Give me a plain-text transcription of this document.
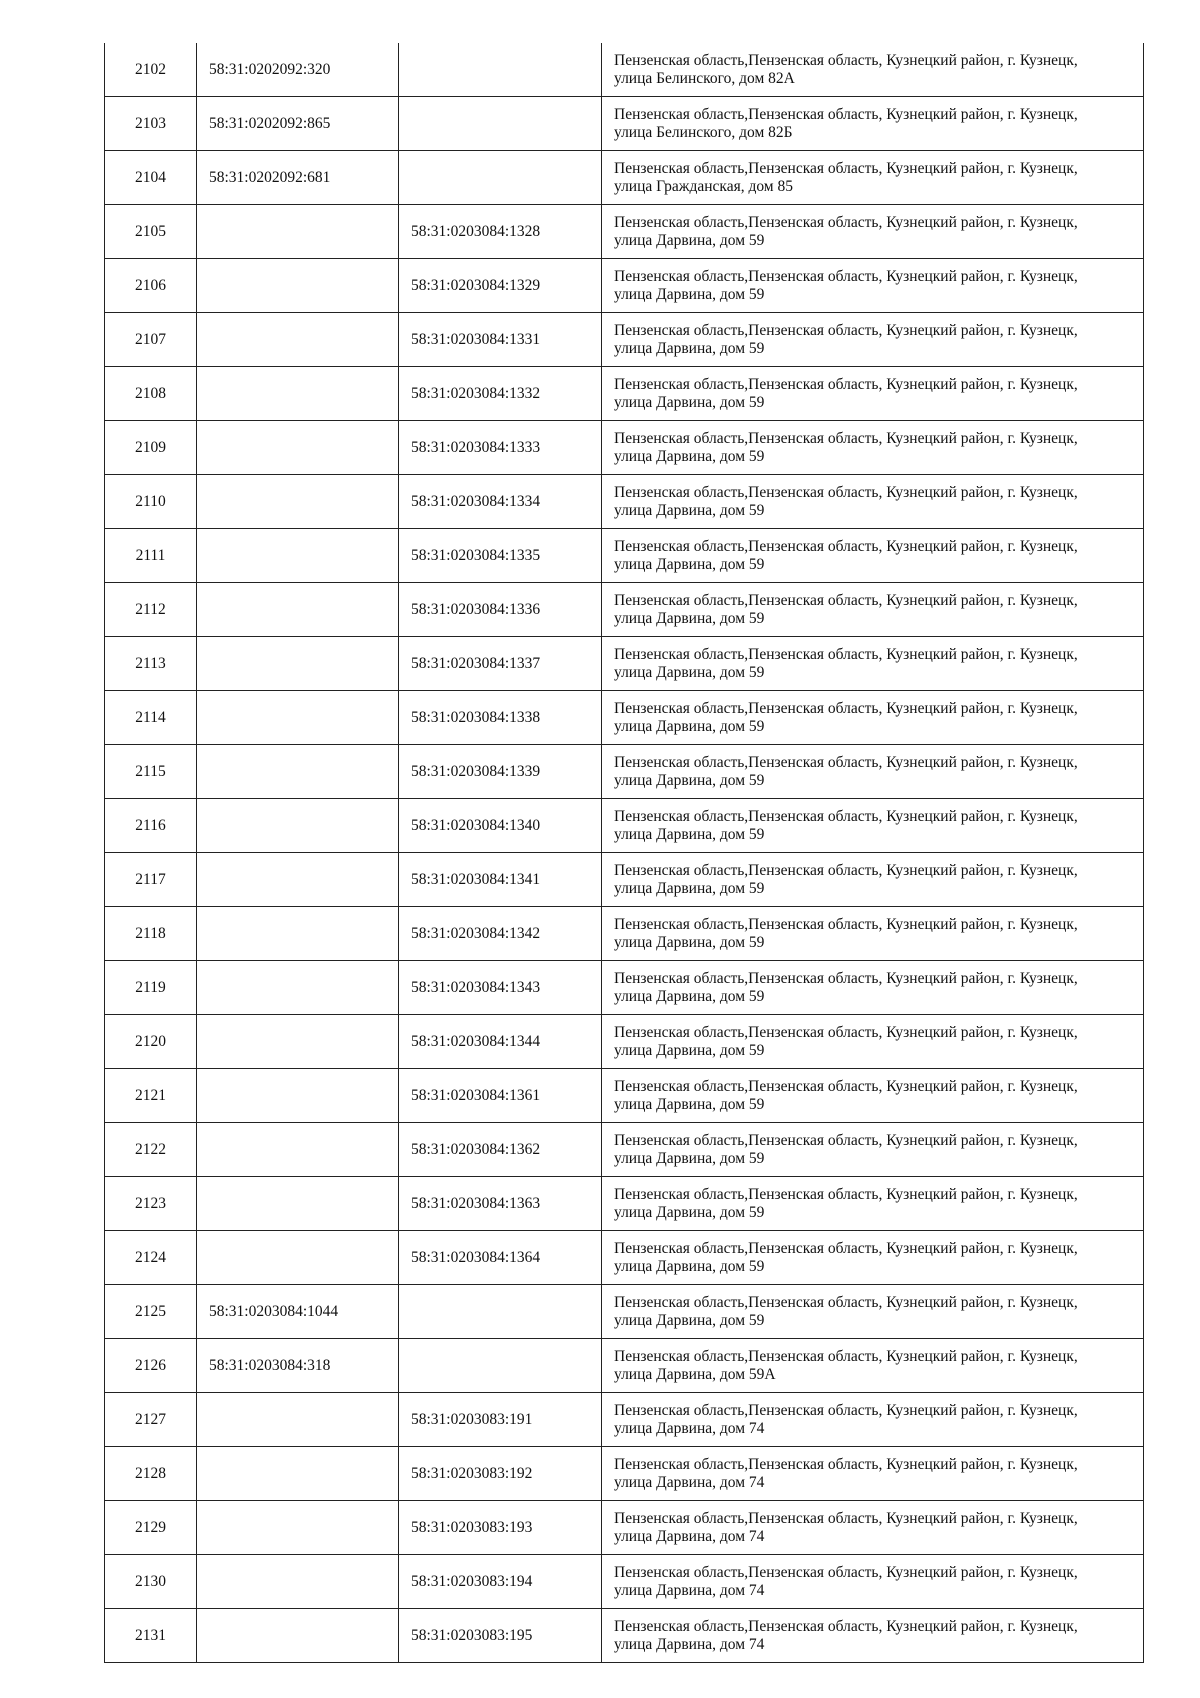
2102	58:31:0202092:320		Пензенская область,Пензенская область, Кузнецкий район, г. Кузнецк,
улица Белинского, дом 82А

2103	58:31:0202092:865		Пензенская область,Пензенская область, Кузнецкий район, г. Кузнецк,
улица Белинского, дом 82Б

2104	58:31:0202092:681		Пензенская область,Пензенская область, Кузнецкий район, г. Кузнецк,
улица Гражданская, дом 85

2105		58:31:0203084:1328	Пензенская область,Пензенская область, Кузнецкий район, г. Кузнецк,
улица Дарвина, дом 59

2106		58:31:0203084:1329	Пензенская область,Пензенская область, Кузнецкий район, г. Кузнецк,
улица Дарвина, дом 59

2107		58:31:0203084:1331	Пензенская область,Пензенская область, Кузнецкий район, г. Кузнецк,
улица Дарвина, дом 59

2108		58:31:0203084:1332	Пензенская область,Пензенская область, Кузнецкий район, г. Кузнецк,
улица Дарвина, дом 59

2109		58:31:0203084:1333	Пензенская область,Пензенская область, Кузнецкий район, г. Кузнецк,
улица Дарвина, дом 59

2110		58:31:0203084:1334	Пензенская область,Пензенская область, Кузнецкий район, г. Кузнецк,
улица Дарвина, дом 59

2111		58:31:0203084:1335	Пензенская область,Пензенская область, Кузнецкий район, г. Кузнецк,
улица Дарвина, дом 59

2112		58:31:0203084:1336	Пензенская область,Пензенская область, Кузнецкий район, г. Кузнецк,
улица Дарвина, дом 59

2113		58:31:0203084:1337	Пензенская область,Пензенская область, Кузнецкий район, г. Кузнецк,
улица Дарвина, дом 59

2114		58:31:0203084:1338	Пензенская область,Пензенская область, Кузнецкий район, г. Кузнецк,
улица Дарвина, дом 59

2115		58:31:0203084:1339	Пензенская область,Пензенская область, Кузнецкий район, г. Кузнецк,
улица Дарвина, дом 59

2116		58:31:0203084:1340	Пензенская область,Пензенская область, Кузнецкий район, г. Кузнецк,
улица Дарвина, дом 59

2117		58:31:0203084:1341	Пензенская область,Пензенская область, Кузнецкий район, г. Кузнецк,
улица Дарвина, дом 59

2118		58:31:0203084:1342	Пензенская область,Пензенская область, Кузнецкий район, г. Кузнецк,
улица Дарвина, дом 59

2119		58:31:0203084:1343	Пензенская область,Пензенская область, Кузнецкий район, г. Кузнецк,
улица Дарвина, дом 59

2120		58:31:0203084:1344	Пензенская область,Пензенская область, Кузнецкий район, г. Кузнецк,
улица Дарвина, дом 59

2121		58:31:0203084:1361	Пензенская область,Пензенская область, Кузнецкий район, г. Кузнецк,
улица Дарвина, дом 59

2122		58:31:0203084:1362	Пензенская область,Пензенская область, Кузнецкий район, г. Кузнецк,
улица Дарвина, дом 59

2123		58:31:0203084:1363	Пензенская область,Пензенская область, Кузнецкий район, г. Кузнецк,
улица Дарвина, дом 59

2124		58:31:0203084:1364	Пензенская область,Пензенская область, Кузнецкий район, г. Кузнецк,
улица Дарвина, дом 59

2125	58:31:0203084:1044		Пензенская область,Пензенская область, Кузнецкий район, г. Кузнецк,
улица Дарвина, дом 59

2126	58:31:0203084:318		Пензенская область,Пензенская область, Кузнецкий район, г. Кузнецк,
улица Дарвина, дом 59А

2127		58:31:0203083:191	Пензенская область,Пензенская область, Кузнецкий район, г. Кузнецк,
улица Дарвина, дом 74

2128		58:31:0203083:192	Пензенская область,Пензенская область, Кузнецкий район, г. Кузнецк,
улица Дарвина, дом 74

2129		58:31:0203083:193	Пензенская область,Пензенская область, Кузнецкий район, г. Кузнецк,
улица Дарвина, дом 74

2130		58:31:0203083:194	Пензенская область,Пензенская область, Кузнецкий район, г. Кузнецк,
улица Дарвина, дом 74

2131		58:31:0203083:195	Пензенская область,Пензенская область, Кузнецкий район, г. Кузнецк,
улица Дарвина, дом 74
